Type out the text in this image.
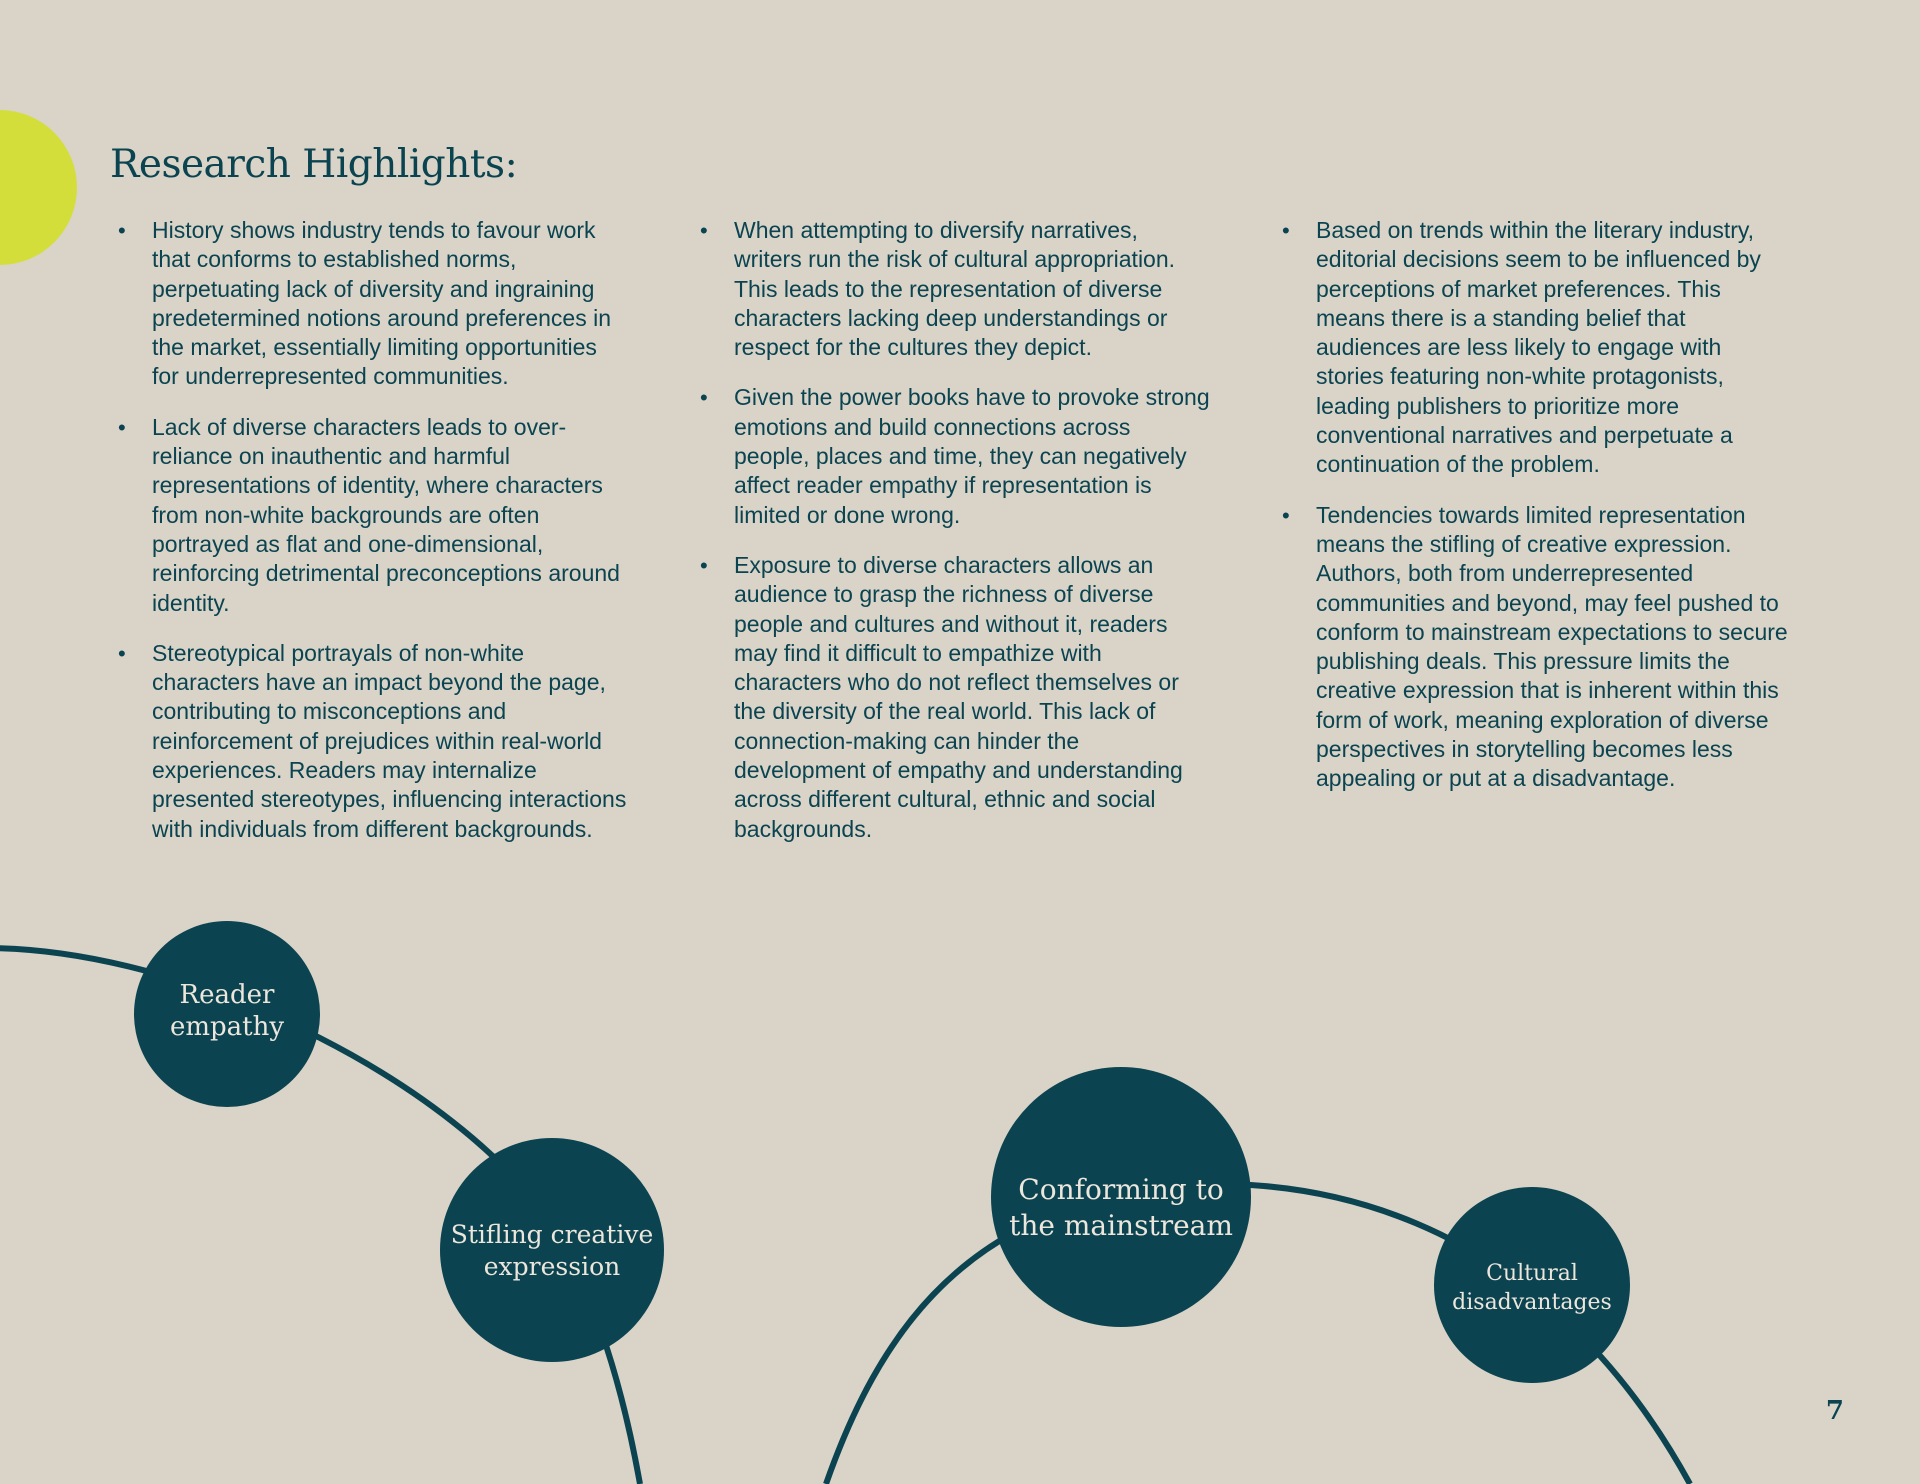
Research Highlights:
• History shows industry tends to favour work that conforms to established norms, perpetuating lack of diversity and ingraining predetermined notions around preferences in the market, essentially limiting opportunities for underrepresented communities.
• Lack of diverse characters leads to over-reliance on inauthentic and harmful representations of identity, where characters from non-white backgrounds are often portrayed as flat and one-dimensional, reinforcing detrimental preconceptions around identity.
• Stereotypical portrayals of non-white characters have an impact beyond the page, contributing to misconceptions and reinforcement of prejudices within real-world experiences. Readers may internalize presented stereotypes, influencing interactions with individuals from different backgrounds.
• When attempting to diversify narratives, writers run the risk of cultural appropriation. This leads to the representation of diverse characters lacking deep understandings or respect for the cultures they depict.
• Given the power books have to provoke strong emotions and build connections across people, places and time, they can negatively affect reader empathy if representation is limited or done wrong.
• Exposure to diverse characters allows an audience to grasp the richness of diverse people and cultures and without it, readers may find it difficult to empathize with characters who do not reflect themselves or the diversity of the real world. This lack of connection-making can hinder the development of empathy and understanding across different cultural, ethnic and social backgrounds.
• Based on trends within the literary industry, editorial decisions seem to be influenced by perceptions of market preferences. This means there is a standing belief that audiences are less likely to engage with stories featuring non-white protagonists, leading publishers to prioritize more conventional narratives and perpetuate a continuation of the problem.
• Tendencies towards limited representation means the stifling of creative expression. Authors, both from underrepresented communities and beyond, may feel pushed to conform to mainstream expectations to secure publishing deals. This pressure limits the creative expression that is inherent within this form of work, meaning exploration of diverse perspectives in storytelling becomes less appealing or put at a disadvantage.
Reader
empathy
Stifling creative
expression
Conforming to
the mainstream
Cultural
disadvantages
7
